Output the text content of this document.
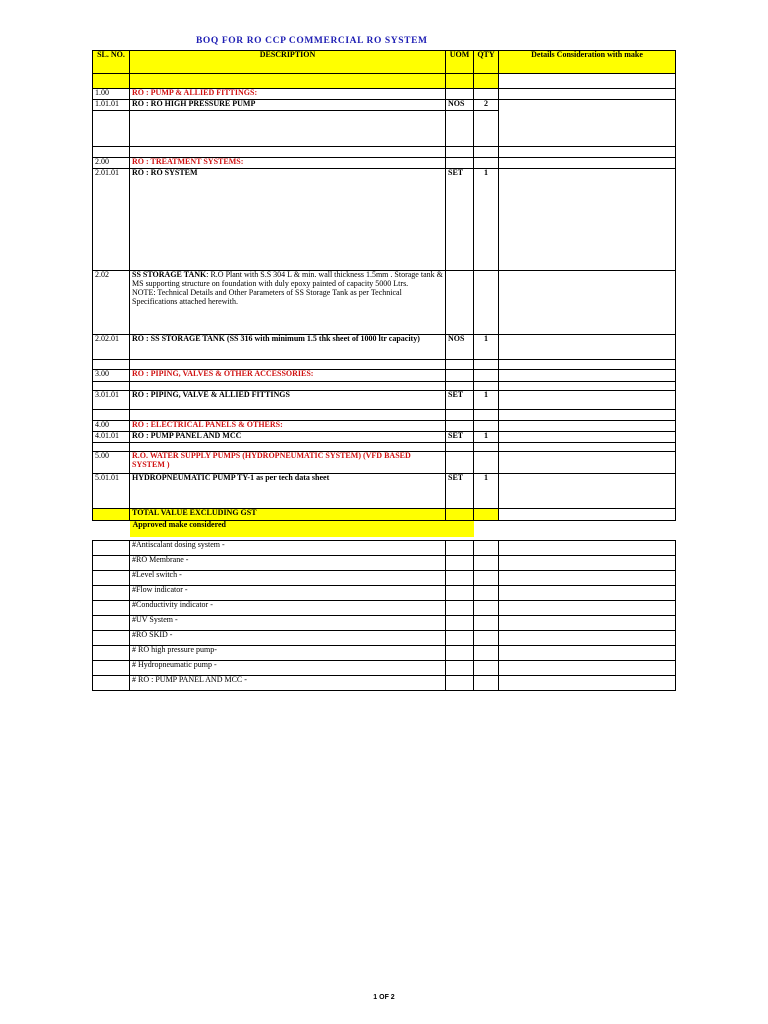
BOQ FOR RO CCP COMMERCIAL RO SYSTEM
SL. NO.	DESCRIPTION	UOM	QTY	Details Consideration with make

1.00	RO : PUMP & ALLIED FITTINGS:			
1.01.01	RO : RO HIGH PRESSURE PUMP	NOS	2	

2.00	RO : TREATMENT SYSTEMS:			
2.01.01	RO : RO SYSTEM	SET	1	
2.02	SS STORAGE TANK: R.O Plant with S.S 304 L & min. wall thickness 1.5mm . Storage tank & MS supporting structure on foundation with duly epoxy painted of capacity 5000 Ltrs.
NOTE: Technical Details and Other Parameters of SS Storage Tank as per Technical Specifications attached herewith.			
2.02.01	RO : SS STORAGE TANK (SS 316 with minimum 1.5 thk sheet of 1000 ltr capacity)	NOS	1	

3.00	RO : PIPING, VALVES & OTHER ACCESSORIES:			

3.01.01	RO : PIPING, VALVE & ALLIED FITTINGS	SET	1	

4.00	RO : ELECTRICAL PANELS & OTHERS:			
4.01.01	RO : PUMP PANEL AND MCC	SET	1	

5.00	R.O. WATER SUPPLY PUMPS (HYDROPNEUMATIC SYSTEM) (VFD BASED SYSTEM )			
5.01.01	HYDROPNEUMATIC PUMP TY-1 as per tech data sheet	SET	1	
	TOTAL VALUE EXCLUDING GST			
	Approved make considered			

	#Antiscalant dosing system -			
	#RO Membrane -			
	#Level switch -			
	#Flow indicator -			
	#Conductivity indicator -			
	#UV System -			
	#RO SKID -			
	# RO high pressure pump-			
	# Hydropneumatic pump -			
	# RO : PUMP PANEL AND MCC -			
1 OF 2
